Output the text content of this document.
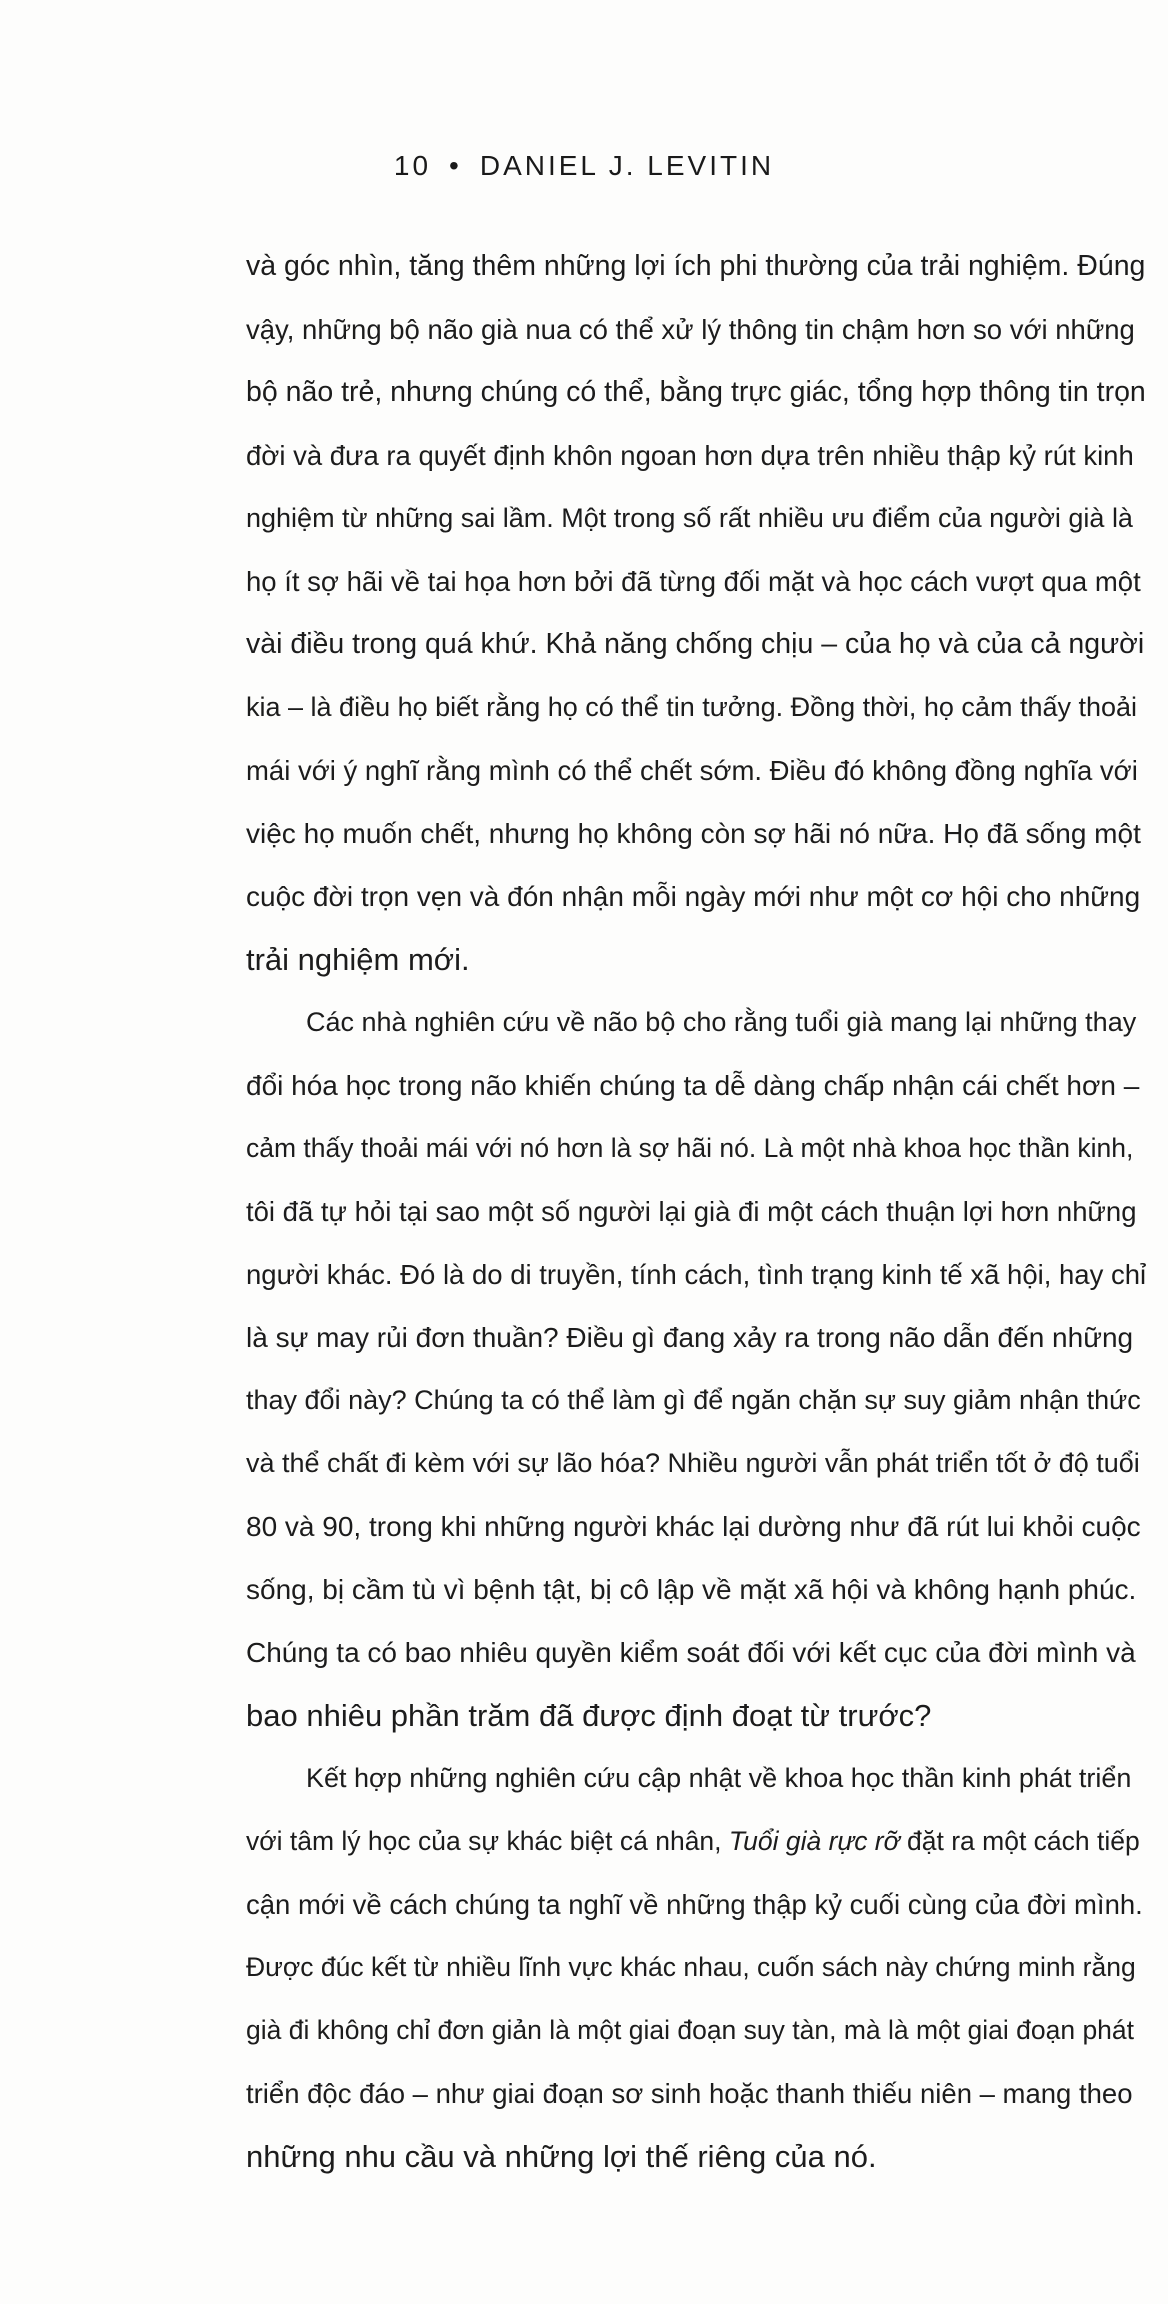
10 • DANIEL J. LEVITIN
và góc nhìn, tăng thêm những lợi ích phi thường của trải nghiệm. Đúng
vậy, những bộ não già nua có thể xử lý thông tin chậm hơn so với những
bộ não trẻ, nhưng chúng có thể, bằng trực giác, tổng hợp thông tin trọn
đời và đưa ra quyết định khôn ngoan hơn dựa trên nhiều thập kỷ rút kinh
nghiệm từ những sai lầm. Một trong số rất nhiều ưu điểm của người già là
họ ít sợ hãi về tai họa hơn bởi đã từng đối mặt và học cách vượt qua một
vài điều trong quá khứ. Khả năng chống chịu – của họ và của cả người
kia – là điều họ biết rằng họ có thể tin tưởng. Đồng thời, họ cảm thấy thoải
mái với ý nghĩ rằng mình có thể chết sớm. Điều đó không đồng nghĩa với
việc họ muốn chết, nhưng họ không còn sợ hãi nó nữa. Họ đã sống một
cuộc đời trọn vẹn và đón nhận mỗi ngày mới như một cơ hội cho những
trải nghiệm mới.
Các nhà nghiên cứu về não bộ cho rằng tuổi già mang lại những thay
đổi hóa học trong não khiến chúng ta dễ dàng chấp nhận cái chết hơn –
cảm thấy thoải mái với nó hơn là sợ hãi nó. Là một nhà khoa học thần kinh,
tôi đã tự hỏi tại sao một số người lại già đi một cách thuận lợi hơn những
người khác. Đó là do di truyền, tính cách, tình trạng kinh tế xã hội, hay chỉ
là sự may rủi đơn thuần? Điều gì đang xảy ra trong não dẫn đến những
thay đổi này? Chúng ta có thể làm gì để ngăn chặn sự suy giảm nhận thức
và thể chất đi kèm với sự lão hóa? Nhiều người vẫn phát triển tốt ở độ tuổi
80 và 90, trong khi những người khác lại dường như đã rút lui khỏi cuộc
sống, bị cầm tù vì bệnh tật, bị cô lập về mặt xã hội và không hạnh phúc.
Chúng ta có bao nhiêu quyền kiểm soát đối với kết cục của đời mình và
bao nhiêu phần trăm đã được định đoạt từ trước?
Kết hợp những nghiên cứu cập nhật về khoa học thần kinh phát triển
với tâm lý học của sự khác biệt cá nhân, Tuổi già rực rỡ đặt ra một cách tiếp
cận mới về cách chúng ta nghĩ về những thập kỷ cuối cùng của đời mình.
Được đúc kết từ nhiều lĩnh vực khác nhau, cuốn sách này chứng minh rằng
già đi không chỉ đơn giản là một giai đoạn suy tàn, mà là một giai đoạn phát
triển độc đáo – như giai đoạn sơ sinh hoặc thanh thiếu niên – mang theo
những nhu cầu và những lợi thế riêng của nó.
